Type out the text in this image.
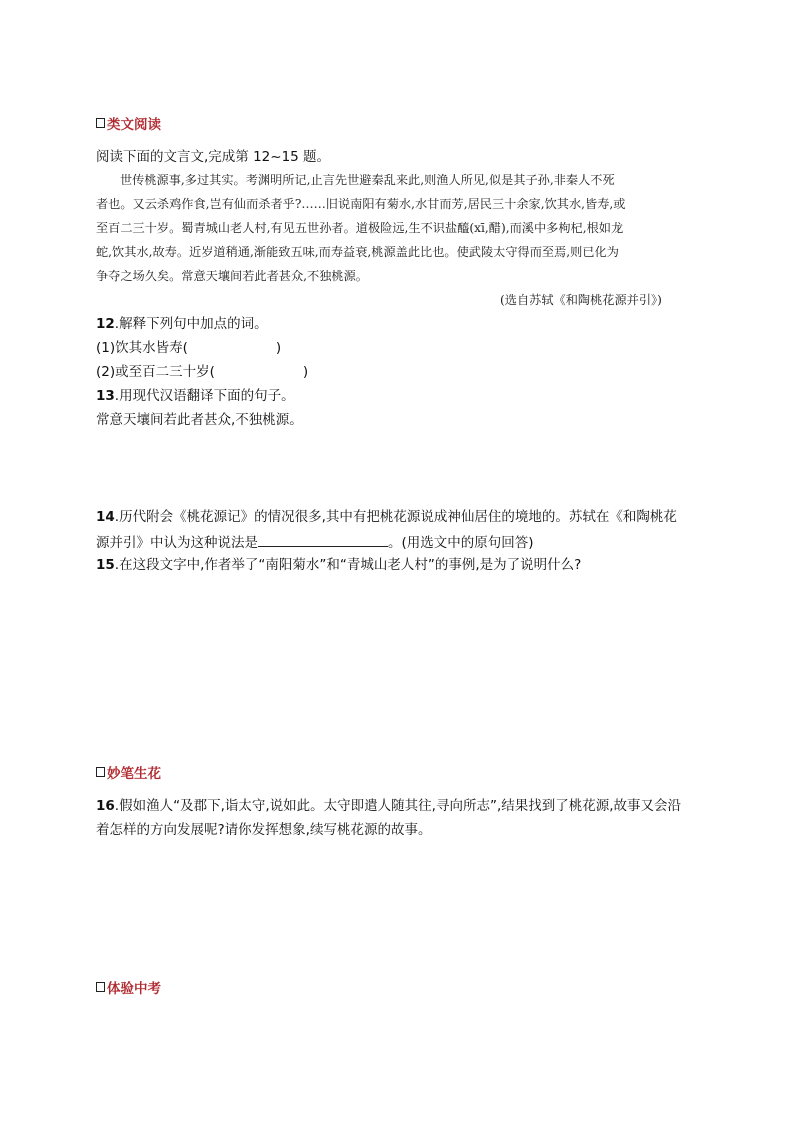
类文阅读
阅读下面的文言文,完成第 12~15 题。
世传桃源事,多过其实。考渊明所记,止言先世避秦乱来此,则渔人所见,似是其子孙,非秦人不死
者也。又云杀鸡作食,岂有仙而杀者乎?……旧说南阳有菊水,水甘而芳,居民三十余家,饮其水,皆寿,或
至百二三十岁。蜀青城山老人村,有见五世孙者。道极险远,生不识盐醯(xī,醋),而溪中多枸杞,根如龙
蛇,饮其水,故寿。近岁道稍通,渐能致五味,而寿益衰,桃源盖此比也。使武陵太守得而至焉,则已化为
争夺之场久矣。常意天壤间若此者甚众,不独桃源。
(选自苏轼《和陶桃花源并引》)
12.解释下列句中加点的词。
(1)饮其水皆寿(	)
(2)或至百二三十岁(	)
13.用现代汉语翻译下面的句子。
常意天壤间若此者甚众,不独桃源。
14.历代附会《桃花源记》的情况很多,其中有把桃花源说成神仙居住的境地的。苏轼在《和陶桃花
源并引》中认为这种说法是	。(用选文中的原句回答)
15.在这段文字中,作者举了“南阳菊水”和“青城山老人村”的事例,是为了说明什么?
妙笔生花
16.假如渔人“及郡下,诣太守,说如此。太守即遣人随其往,寻向所志”,结果找到了桃花源,故事又会沿
着怎样的方向发展呢?请你发挥想象,续写桃花源的故事。
体验中考
